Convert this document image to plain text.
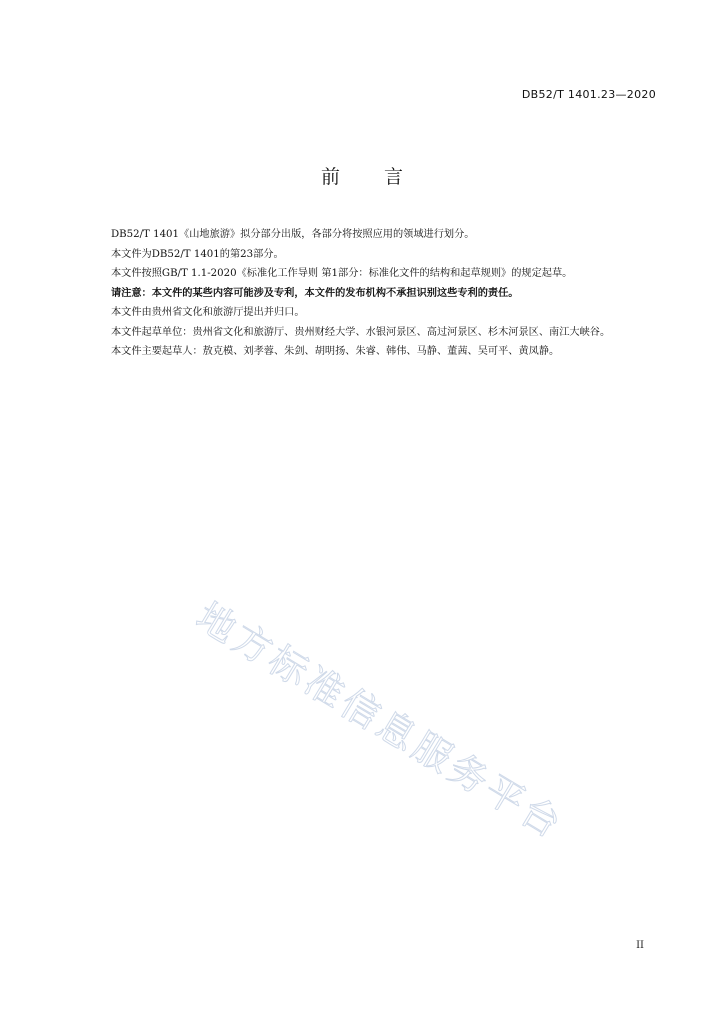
DB52/T 1401.23—2020
前言

DB52/T 1401《山地旅游》拟分部分出版，各部分将按照应用的领域进行划分。

本文件为DB52/T 1401的第23部分。

本文件按照GB/T 1.1-2020《标准化工作导则 第1部分：标准化文件的结构和起草规则》的规定起草。

请注意：本文件的某些内容可能涉及专利，本文件的发布机构不承担识别这些专利的责任。

本文件由贵州省文化和旅游厅提出并归口。

本文件起草单位：贵州省文化和旅游厅、贵州财经大学、水银河景区、高过河景区、杉木河景区、南江大峡谷。

本文件主要起草人：敖克模、刘孝蓉、朱剑、胡明扬、朱睿、韩伟、马静、董茜、吴可平、黄凤静。

地方标准信息服务平台
II
